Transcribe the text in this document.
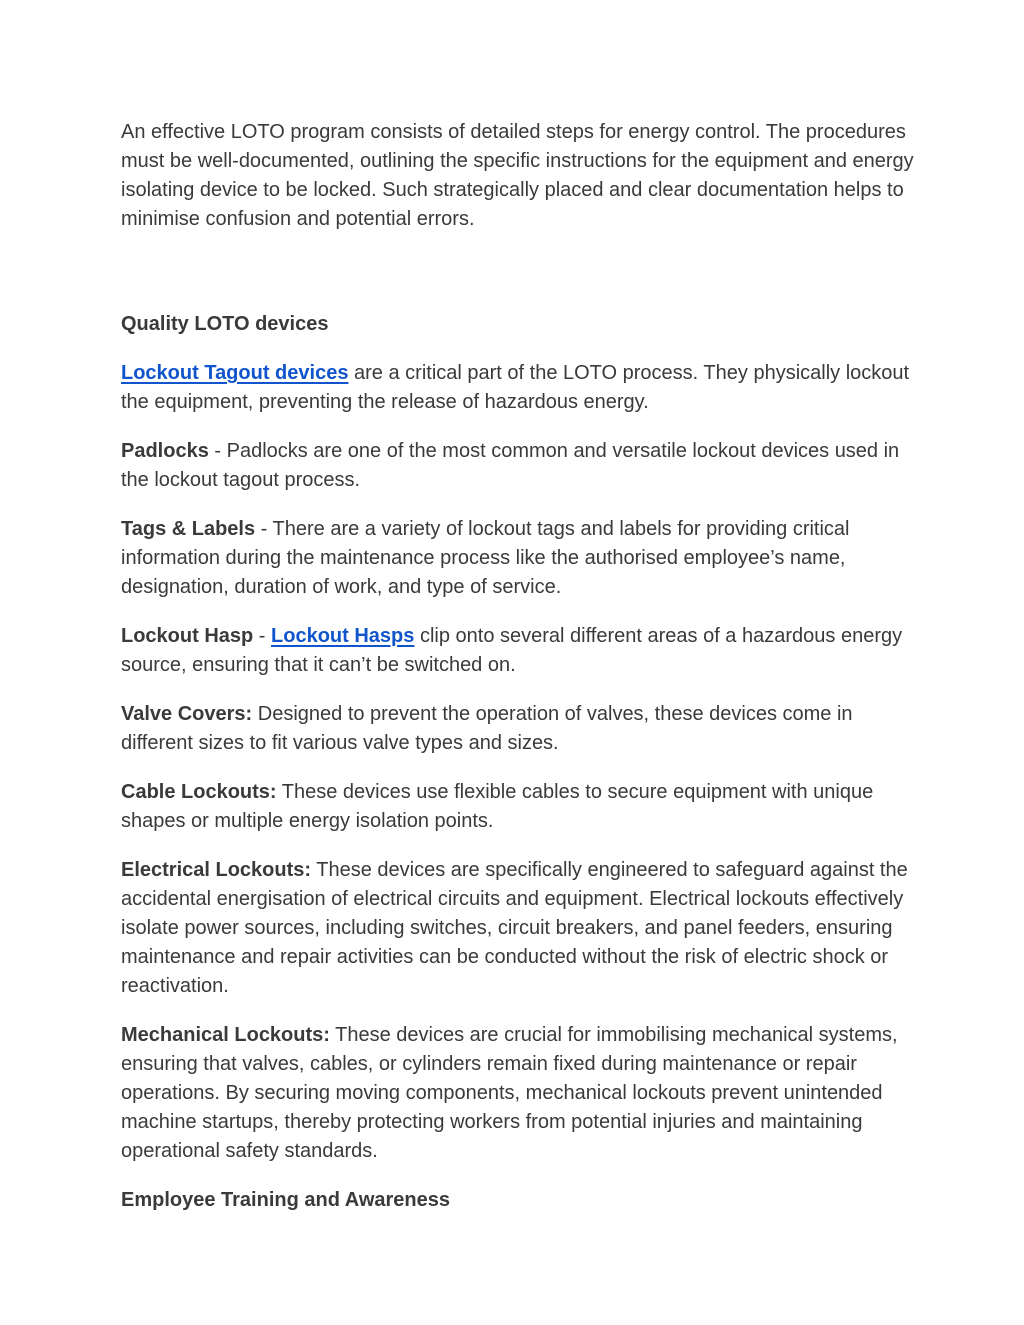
An effective LOTO program consists of detailed steps for energy control. The procedures must be well-documented, outlining the specific instructions for the equipment and energy isolating device to be locked. Such strategically placed and clear documentation helps to minimise confusion and potential errors.

Quality LOTO devices

Lockout Tagout devices are a critical part of the LOTO process. They physically lockout the equipment, preventing the release of hazardous energy.

Padlocks - Padlocks are one of the most common and versatile lockout devices used in the lockout tagout process.

Tags & Labels - There are a variety of lockout tags and labels for providing critical information during the maintenance process like the authorised employee’s name, designation, duration of work, and type of service.

Lockout Hasp - Lockout Hasps clip onto several different areas of a hazardous energy source, ensuring that it can’t be switched on.

Valve Covers: Designed to prevent the operation of valves, these devices come in different sizes to fit various valve types and sizes.

Cable Lockouts: These devices use flexible cables to secure equipment with unique shapes or multiple energy isolation points.

Electrical Lockouts: These devices are specifically engineered to safeguard against the accidental energisation of electrical circuits and equipment. Electrical lockouts effectively isolate power sources, including switches, circuit breakers, and panel feeders, ensuring maintenance and repair activities can be conducted without the risk of electric shock or reactivation.

Mechanical Lockouts: These devices are crucial for immobilising mechanical systems, ensuring that valves, cables, or cylinders remain fixed during maintenance or repair operations. By securing moving components, mechanical lockouts prevent unintended machine startups, thereby protecting workers from potential injuries and maintaining operational safety standards.

Employee Training and Awareness
